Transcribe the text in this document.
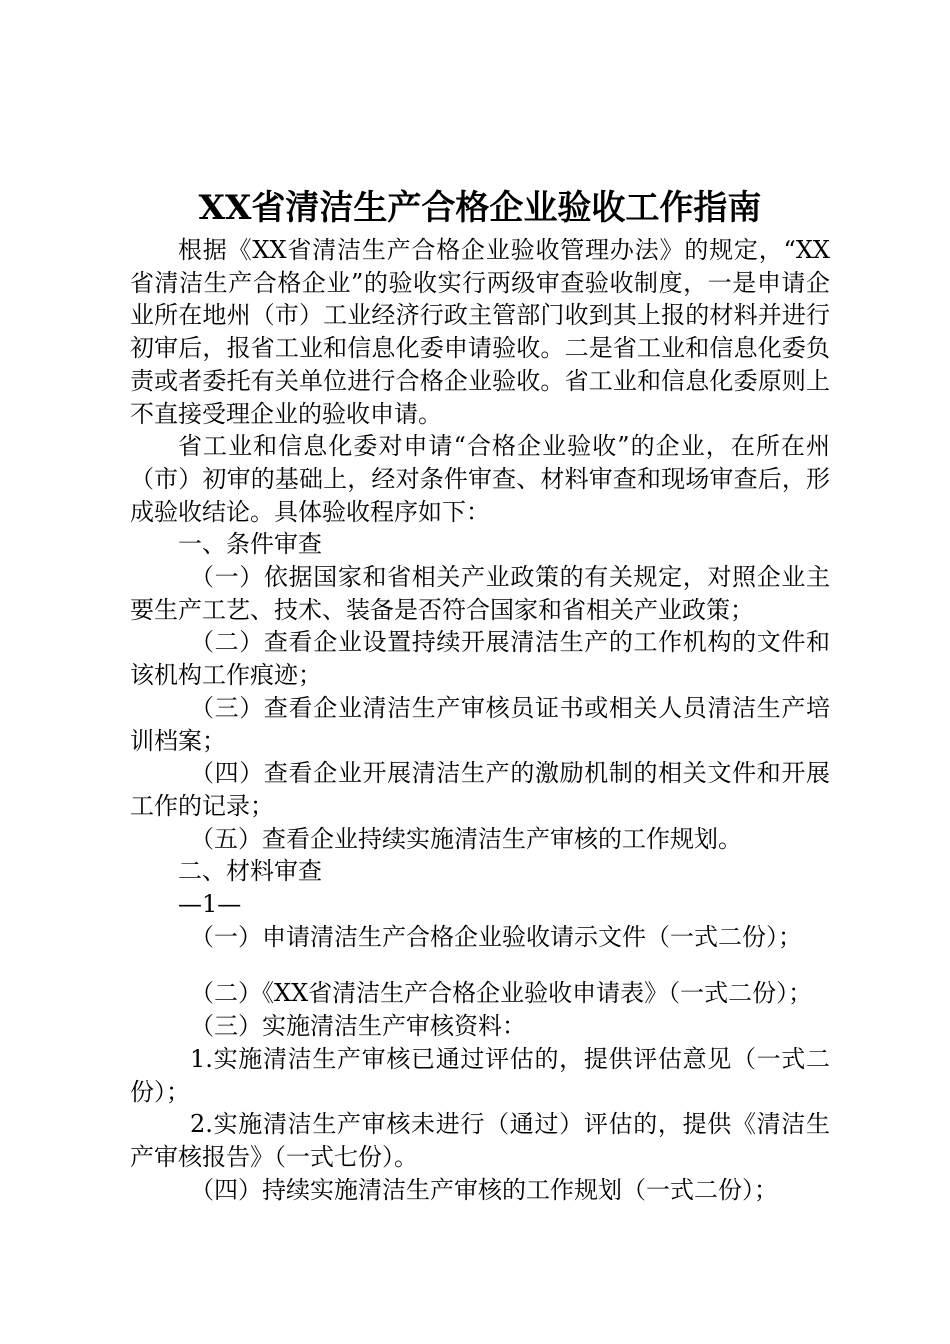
XX省清洁生产合格企业验收工作指南

根据《XX省清洁生产合格企业验收管理办法》的规定，“XX省清洁生产合格企业”的验收实行两级审查验收制度，一是申请企业所在地州（市）工业经济行政主管部门收到其上报的材料并进行初审后，报省工业和信息化委申请验收。二是省工业和信息化委负责或者委托有关单位进行合格企业验收。省工业和信息化委原则上不直接受理企业的验收申请。

省工业和信息化委对申请“合格企业验收”的企业，在所在州（市）初审的基础上，经对条件审查、材料审查和现场审查后，形成验收结论。具体验收程序如下：

一、条件审查

（一）依据国家和省相关产业政策的有关规定，对照企业主要生产工艺、技术、装备是否符合国家和省相关产业政策；

（二）查看企业设置持续开展清洁生产的工作机构的文件和该机构工作痕迹；

（三）查看企业清洁生产审核员证书或相关人员清洁生产培训档案；

（四）查看企业开展清洁生产的激励机制的相关文件和开展工作的记录；

（五）查看企业持续实施清洁生产审核的工作规划。

二、材料审查

—1—

（一）申请清洁生产合格企业验收请示文件（一式二份）；

（二）《XX省清洁生产合格企业验收申请表》（一式二份）；

（三）实施清洁生产审核资料：

1.实施清洁生产审核已通过评估的，提供评估意见（一式二份）；

2.实施清洁生产审核未进行（通过）评估的，提供《清洁生产审核报告》（一式七份）。

（四）持续实施清洁生产审核的工作规划（一式二份）；
